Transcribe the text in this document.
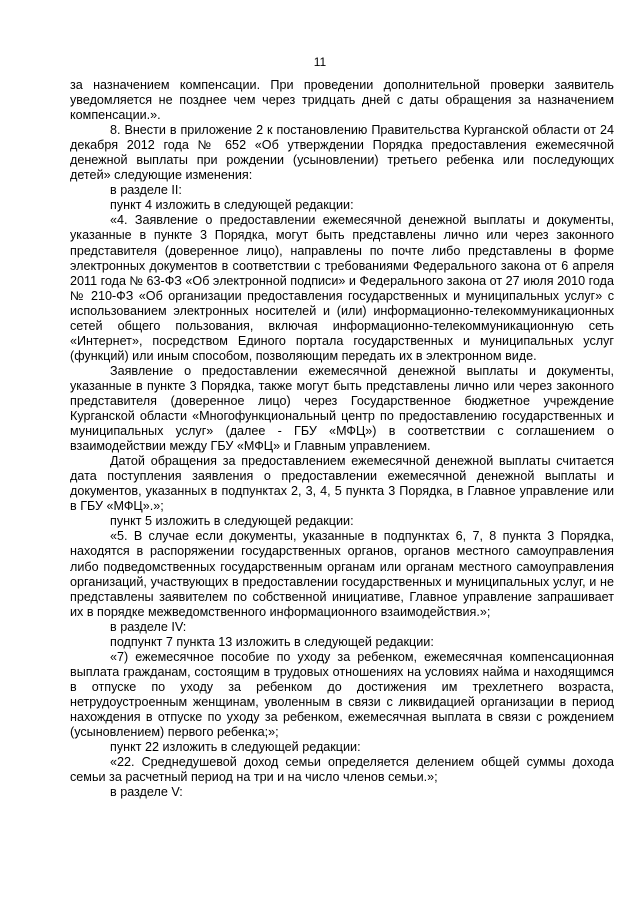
11

за назначением компенсации. При проведении дополнительной проверки заявитель уведомляется не позднее чем через тридцать дней с даты обращения за назначением компенсации.».

8. Внести в приложение 2 к постановлению Правительства Курганской области от 24 декабря 2012 года № 652 «Об утверждении Порядка предоставления ежемесячной денежной выплаты при рождении (усыновлении) третьего ребенка или последующих детей» следующие изменения:

в разделе II:

пункт 4 изложить в следующей редакции:

«4. Заявление о предоставлении ежемесячной денежной выплаты и документы, указанные в пункте 3 Порядка, могут быть представлены лично или через законного представителя (доверенное лицо), направлены по почте либо представлены в форме электронных документов в соответствии с требованиями Федерального закона от 6 апреля 2011 года № 63-ФЗ «Об электронной подписи» и Федерального закона от 27 июля 2010 года № 210-ФЗ «Об организации предоставления государственных и муниципальных услуг» с использованием электронных носителей и (или) информационно-телекоммуникационных сетей общего пользования, включая информационно-телекоммуникационную сеть «Интернет», посредством Единого портала государственных и муниципальных услуг (функций) или иным способом, позволяющим передать их в электронном виде.

Заявление о предоставлении ежемесячной денежной выплаты и документы, указанные в пункте 3 Порядка, также могут быть представлены лично или через законного представителя (доверенное лицо) через Государственное бюджетное учреждение Курганской области «Многофункциональный центр по предоставлению государственных и муниципальных услуг» (далее - ГБУ «МФЦ») в соответствии с соглашением о взаимодействии между ГБУ «МФЦ» и Главным управлением.

Датой обращения за предоставлением ежемесячной денежной выплаты считается дата поступления заявления о предоставлении ежемесячной денежной выплаты и документов, указанных в подпунктах 2, 3, 4, 5 пункта 3 Порядка, в Главное управление или в ГБУ «МФЦ».»;

пункт 5 изложить в следующей редакции:

«5. В случае если документы, указанные в подпунктах 6, 7, 8 пункта 3 Порядка, находятся в распоряжении государственных органов, органов местного самоуправления либо подведомственных государственным органам или органам местного самоуправления организаций, участвующих в предоставлении государственных и муниципальных услуг, и не представлены заявителем по собственной инициативе, Главное управление запрашивает их в порядке межведомственного информационного взаимодействия.»;

в разделе IV:

подпункт 7 пункта 13 изложить в следующей редакции:

«7) ежемесячное пособие по уходу за ребенком, ежемесячная компенсационная выплата гражданам, состоящим в трудовых отношениях на условиях найма и находящимся в отпуске по уходу за ребенком до достижения им трехлетнего возраста, нетрудоустроенным женщинам, уволенным в связи с ликвидацией организации в период нахождения в отпуске по уходу за ребенком, ежемесячная выплата в связи с рождением (усыновлением) первого ребенка;»;

пункт 22 изложить в следующей редакции:

«22. Среднедушевой доход семьи определяется делением общей суммы дохода семьи за расчетный период на три и на число членов семьи.»;

в разделе V:
